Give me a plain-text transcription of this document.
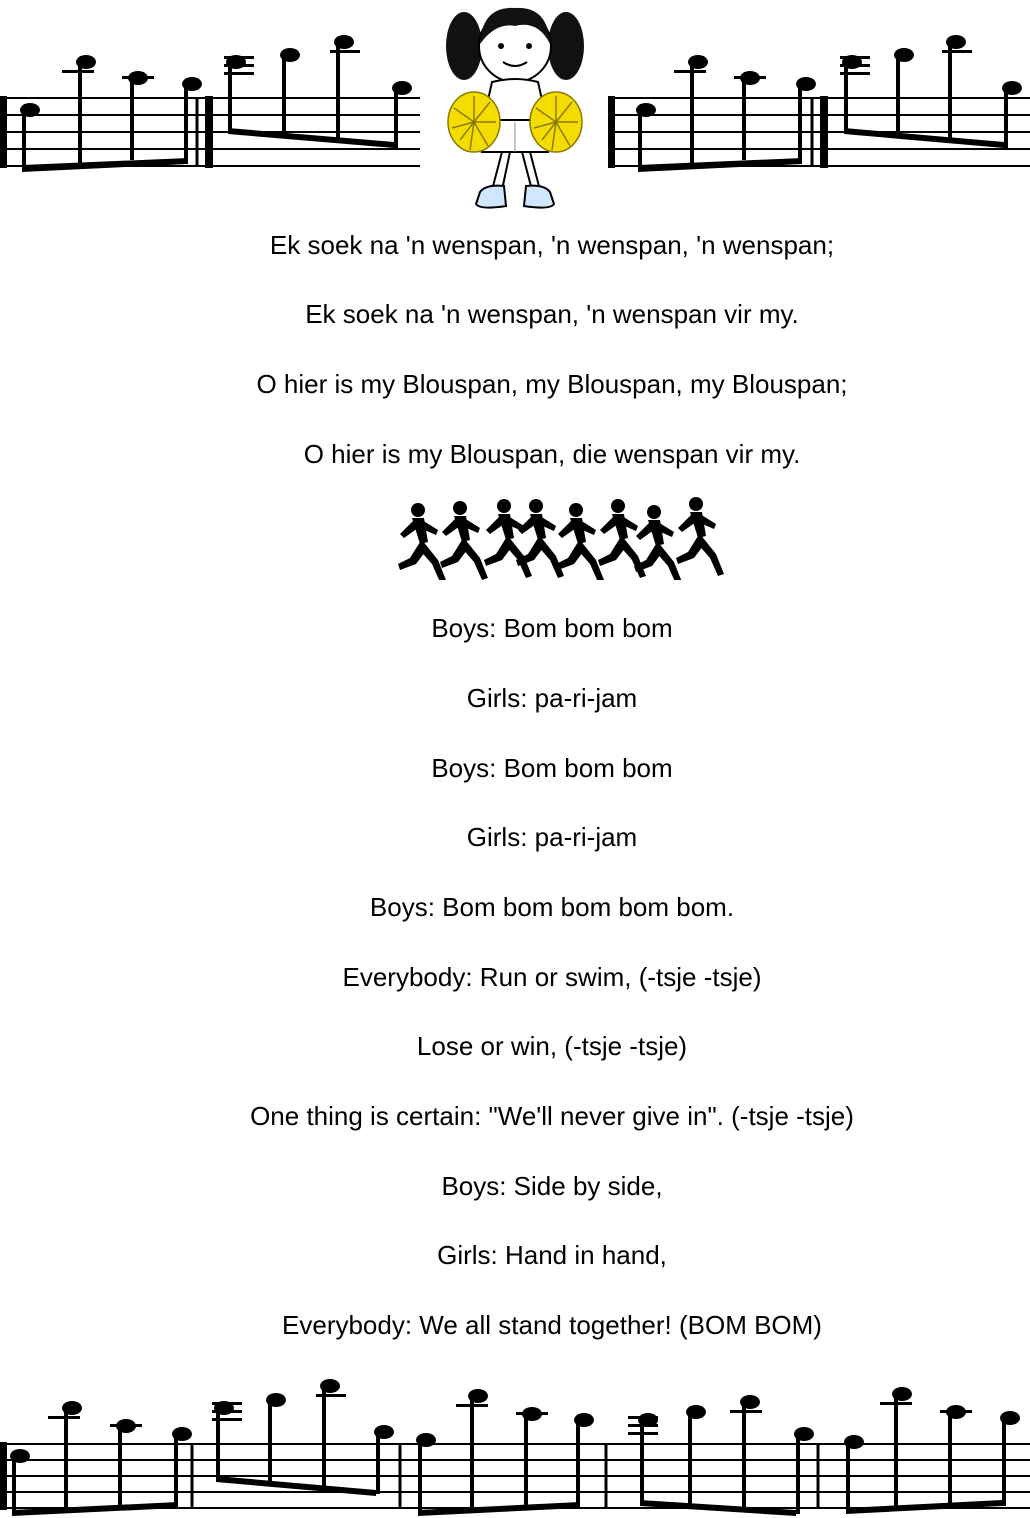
Ek soek na 'n wenspan, 'n wenspan, 'n wenspan;
Ek soek na 'n wenspan, 'n wenspan vir my.
O hier is my Blouspan, my Blouspan, my Blouspan;
O hier is my Blouspan, die wenspan vir my.
Boys: Bom bom bom
Girls: pa-ri-jam
Boys: Bom bom bom
Girls: pa-ri-jam
Boys: Bom bom bom bom bom.
Everybody: Run or swim, (-tsje -tsje)
Lose or win, (-tsje -tsje)
One thing is certain: "We'll never give in". (-tsje -tsje)
Boys: Side by side,
Girls: Hand in hand,
Everybody: We all stand together! (BOM BOM)
